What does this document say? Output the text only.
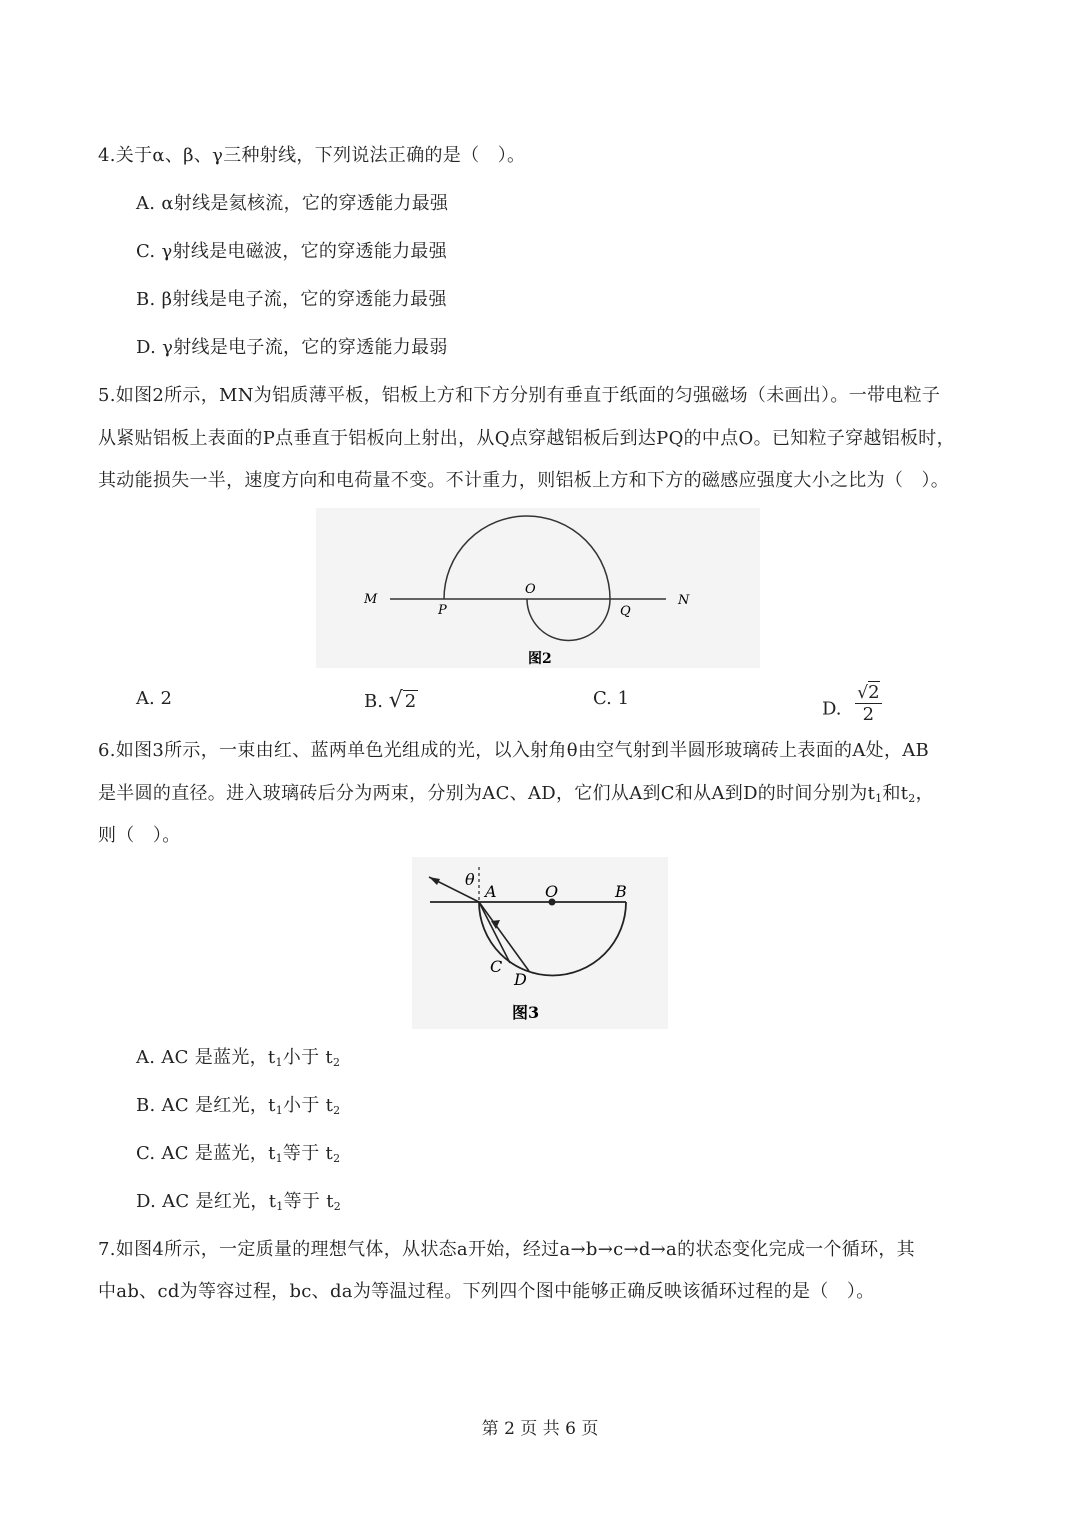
4.关于α、β、γ三种射线，下列说法正确的是（　）。
A. α射线是氦核流，它的穿透能力最强
C. γ射线是电磁波，它的穿透能力最强
B. β射线是电子流，它的穿透能力最强
D. γ射线是电子流，它的穿透能力最弱
5.如图2所示，MN为铝质薄平板，铝板上方和下方分别有垂直于纸面的匀强磁场（未画出）。一带电粒子
从紧贴铝板上表面的P点垂直于铝板向上射出，从Q点穿越铝板后到达PQ的中点O。已知粒子穿越铝板时，
其动能损失一半，速度方向和电荷量不变。不计重力，则铝板上方和下方的磁感应强度大小之比为（　）。
M
P
O
Q
N
图2
A. 2	B. √ 2	C. 1	D. $\frac{√2}{2}$
6.如图3所示，一束由红、蓝两单色光组成的光，以入射角θ由空气射到半圆形玻璃砖上表面的A处，AB
是半圆的直径。进入玻璃砖后分为两束，分别为AC、AD，它们从A到C和从A到D的时间分别为$t_1$和$t_2$，
则（　）。
θ
A	O	B
C
D
图3
A. AC 是蓝光，$t_1$小于 $t_2$
B. AC 是红光，$t_1$小于 $t_2$
C. AC 是蓝光，$t_1$等于 $t_2$
D. AC 是红光，$t_1$等于 $t_2$
7.如图4所示，一定质量的理想气体，从状态a开始，经过a→b→c→d→a的状态变化完成一个循环，其
中ab、cd为等容过程，bc、da为等温过程。下列四个图中能够正确反映该循环过程的是（　）。
第 2 页 共 6 页
